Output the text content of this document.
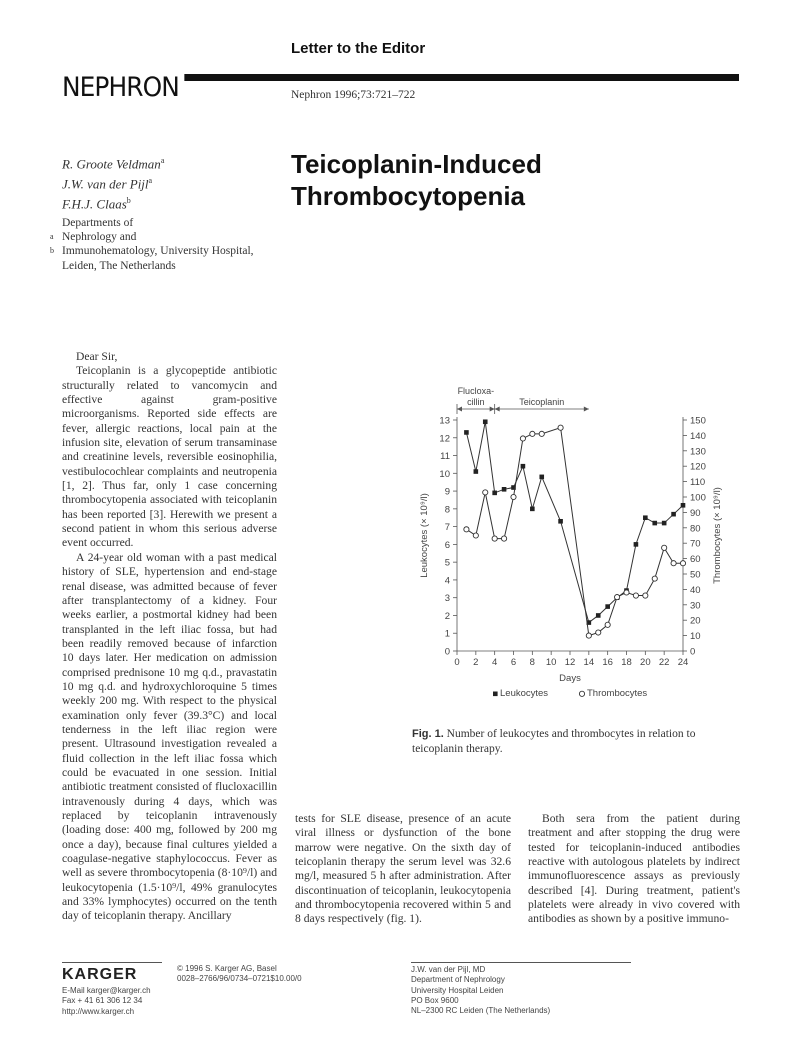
Letter to the Editor
NEPHRON	Nephron 1996;73:721–722
R. Groote Veldman$^a$
J.W. van der Pijl$^a$
F.H.J. Claas$^b$
Departments of
a Nephrology and
b Immunohematology, University Hospital,
Leiden, The Netherlands
Teicoplanin-Induced
Thrombocytopenia

Dear Sir,

Teicoplanin is a glycopeptide antibiotic structurally related to vancomycin and effective against gram-positive microorganisms. Reported side effects are fever, allergic reactions, local pain at the infusion site, elevation of serum transaminase and creatinine levels, reversible eosinophilia, vestibulocochlear complaints and neutropenia [1, 2]. Thus far, only 1 case concerning thrombocytopenia associated with teicoplanin has been reported [3]. Herewith we present a second patient in whom this serious adverse event occurred.

A 24-year old woman with a past medical history of SLE, hypertension and end-stage renal disease, was admitted because of fever after transplantectomy of a kidney. Four weeks earlier, a postmortal kidney had been transplanted in the left iliac fossa, but had been readily removed because of infarction 10 days later. Her medication on admission comprised prednisone 10 mg q.d., pravastatin 10 mg q.d. and hydroxychloroquine 5 times weekly 200 mg. With respect to the physical examination only fever (39.3°C) and local tenderness in the left iliac region were present. Ultrasound investigation revealed a fluid collection in the left iliac fossa which could be evacuated in one session. Initial antibiotic treatment consisted of flucloxacillin intravenously during 4 days, which was replaced by teicoplanin intravenously (loading dose: 400 mg, followed by 200 mg once a day), because final cultures yielded a coagulase-negative staphylococcus. Fever as well as severe thrombocytopenia (8·10⁹/l) and leukocytopenia (1.5·10⁹/l, 49% granulocytes and 33% lymphocytes) occurred on the tenth day of teicoplanin therapy. Ancillary

0 2 4 6 8 10 12 14 16 18 20 22 24
Days
0
1
2
3
4
5
6
7
8
9
10
11
12
13
0
10
20
30
40
50
60
70
80
90
100
110
120
130
140
150
Leukocytes (× 10⁹/l)	Thrombocytes (× 10⁹/l)
Flucloxa-
cillin	Teicoplanin
Leukocytes	Thrombocytes
Fig. 1. Number of leukocytes and thrombocytes in relation to teicoplanin therapy.

tests for SLE disease, presence of an acute viral illness or dysfunction of the bone marrow were negative. On the sixth day of teicoplanin therapy the serum level was 32.6 mg/l, measured 5 h after administration. After discontinuation of teicoplanin, leukocytopenia and thrombocytopenia recovered within 5 and 8 days respectively (fig. 1).

Both sera from the patient during treatment and after stopping the drug were tested for teicoplanin-induced antibodies reactive with autologous platelets by indirect immunofluorescence assays as previously described [4]. During treatment, patient's platelets were already in vivo covered with antibodies as shown by a positive immuno-

KARGER
E-Mail karger@karger.ch
Fax + 41 61 306 12 34
http://www.karger.ch
© 1996 S. Karger AG, Basel
0028–2766/96/0734–0721$10.00/0
J.W. van der Pijl, MD
Department of Nephrology
University Hospital Leiden
PO Box 9600
NL–2300 RC Leiden (The Netherlands)
